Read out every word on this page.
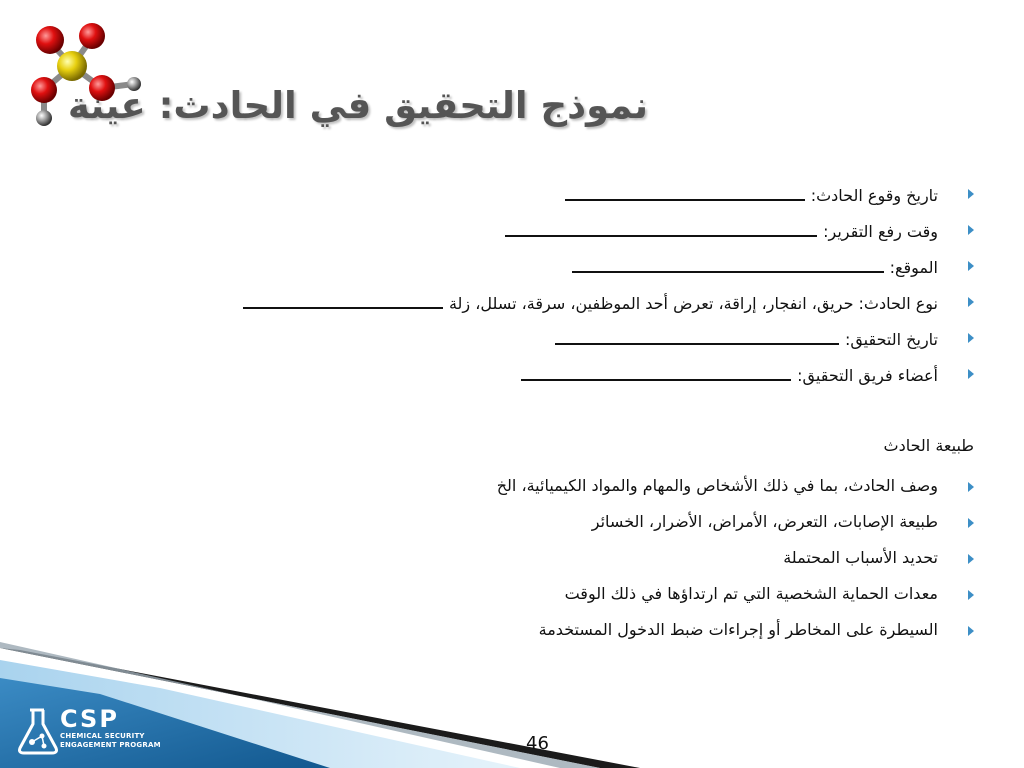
نموذج التحقيق في الحادث: عينة
تاريخ وقوع الحادث:
وقت رفع التقرير:
الموقع:
نوع الحادث: حريق، انفجار، إراقة، تعرض أحد الموظفين، سرقة، تسلل، زلة
تاريخ التحقيق:
أعضاء فريق التحقيق:
طبيعة الحادث
وصف الحادث، بما في ذلك الأشخاص والمهام والمواد الكيميائية، الخ
طبيعة الإصابات، التعرض، الأمراض، الأضرار، الخسائر
تحديد الأسباب المحتملة
معدات الحماية الشخصية التي تم ارتداؤها في ذلك الوقت
السيطرة على المخاطر أو إجراءات ضبط الدخول المستخدمة
CSP
CHEMICAL SECURITY
ENGAGEMENT PROGRAM	46
